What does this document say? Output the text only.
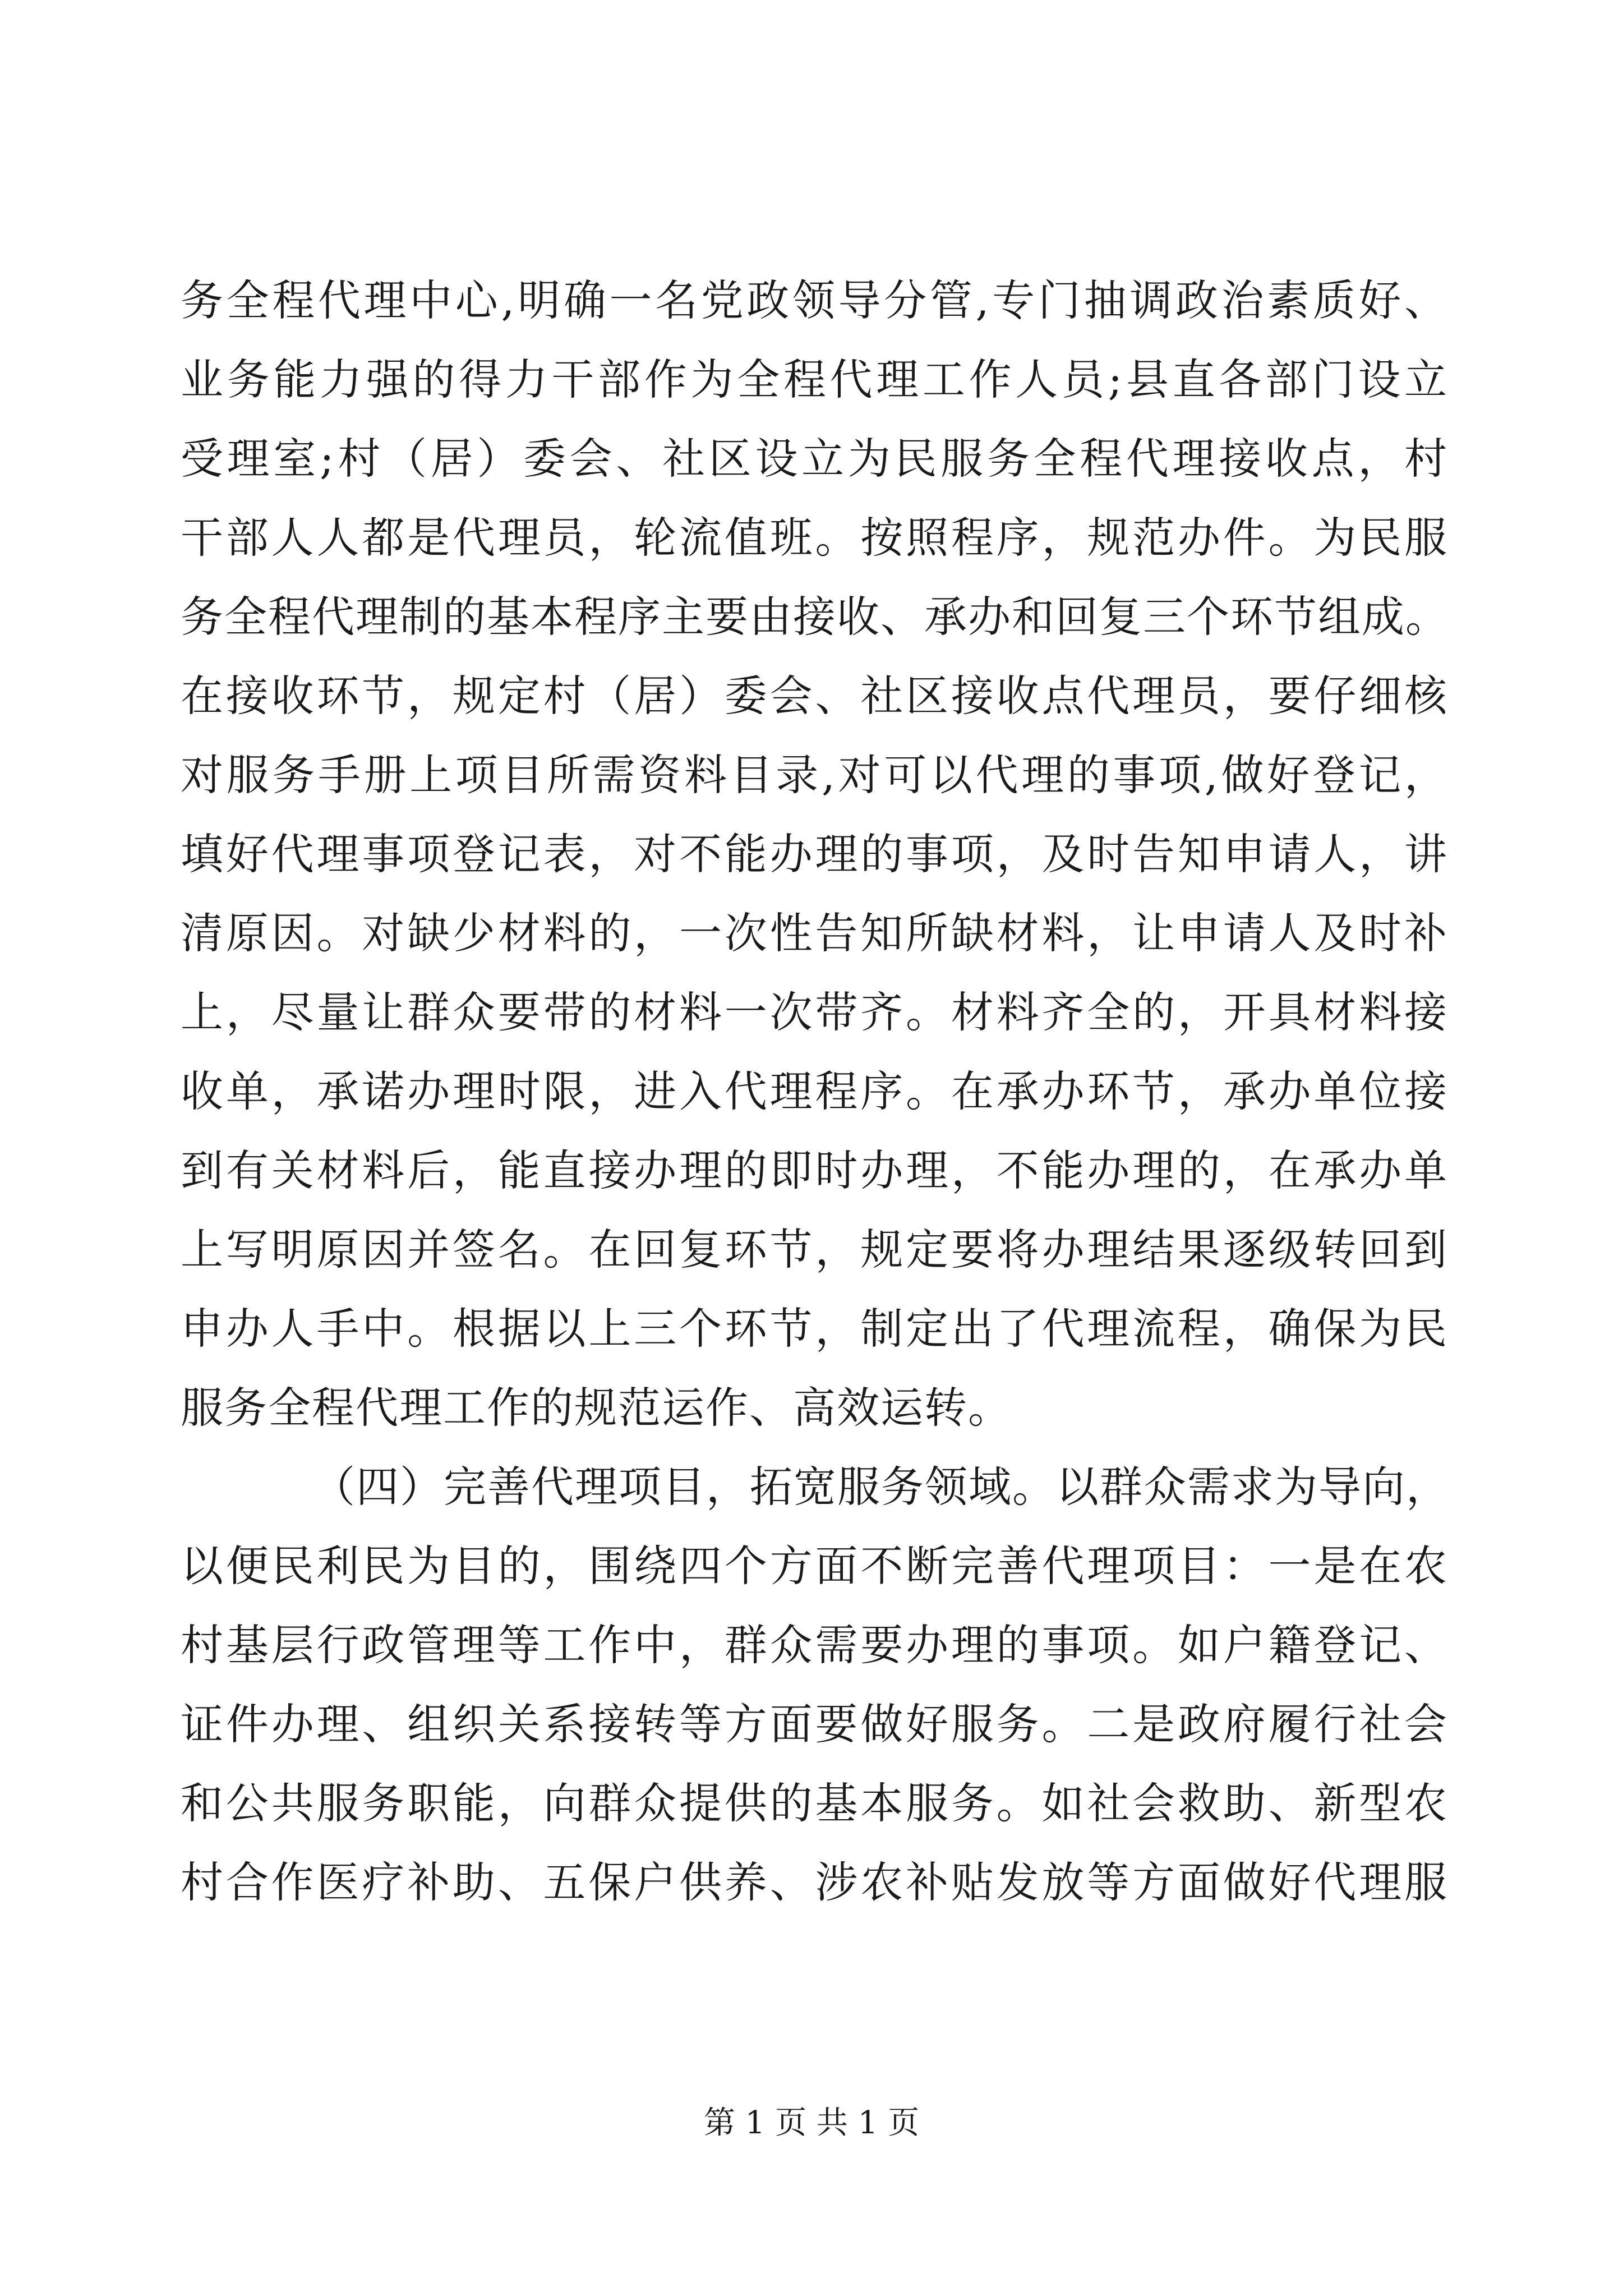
务全程代理中心,明确一名党政领导分管,专门抽调政治素质好、
业务能力强的得力干部作为全程代理工作人员;县直各部门设立
受理室;村（居）委会、社区设立为民服务全程代理接收点，村
干部人人都是代理员，轮流值班。按照程序，规范办件。为民服
务全程代理制的基本程序主要由接收、承办和回复三个环节组成。
在接收环节，规定村（居）委会、社区接收点代理员，要仔细核
对服务手册上项目所需资料目录,对可以代理的事项,做好登记，
填好代理事项登记表，对不能办理的事项，及时告知申请人，讲
清原因。对缺少材料的，一次性告知所缺材料，让申请人及时补
上，尽量让群众要带的材料一次带齐。材料齐全的，开具材料接
收单，承诺办理时限，进入代理程序。在承办环节，承办单位接
到有关材料后，能直接办理的即时办理，不能办理的，在承办单
上写明原因并签名。在回复环节，规定要将办理结果逐级转回到
申办人手中。根据以上三个环节，制定出了代理流程，确保为民
服务全程代理工作的规范运作、高效运转。
（四）完善代理项目，拓宽服务领域。以群众需求为导向，
以便民利民为目的，围绕四个方面不断完善代理项目：一是在农
村基层行政管理等工作中，群众需要办理的事项。如户籍登记、
证件办理、组织关系接转等方面要做好服务。二是政府履行社会
和公共服务职能，向群众提供的基本服务。如社会救助、新型农
村合作医疗补助、五保户供养、涉农补贴发放等方面做好代理服
第 1 页 共 1 页
